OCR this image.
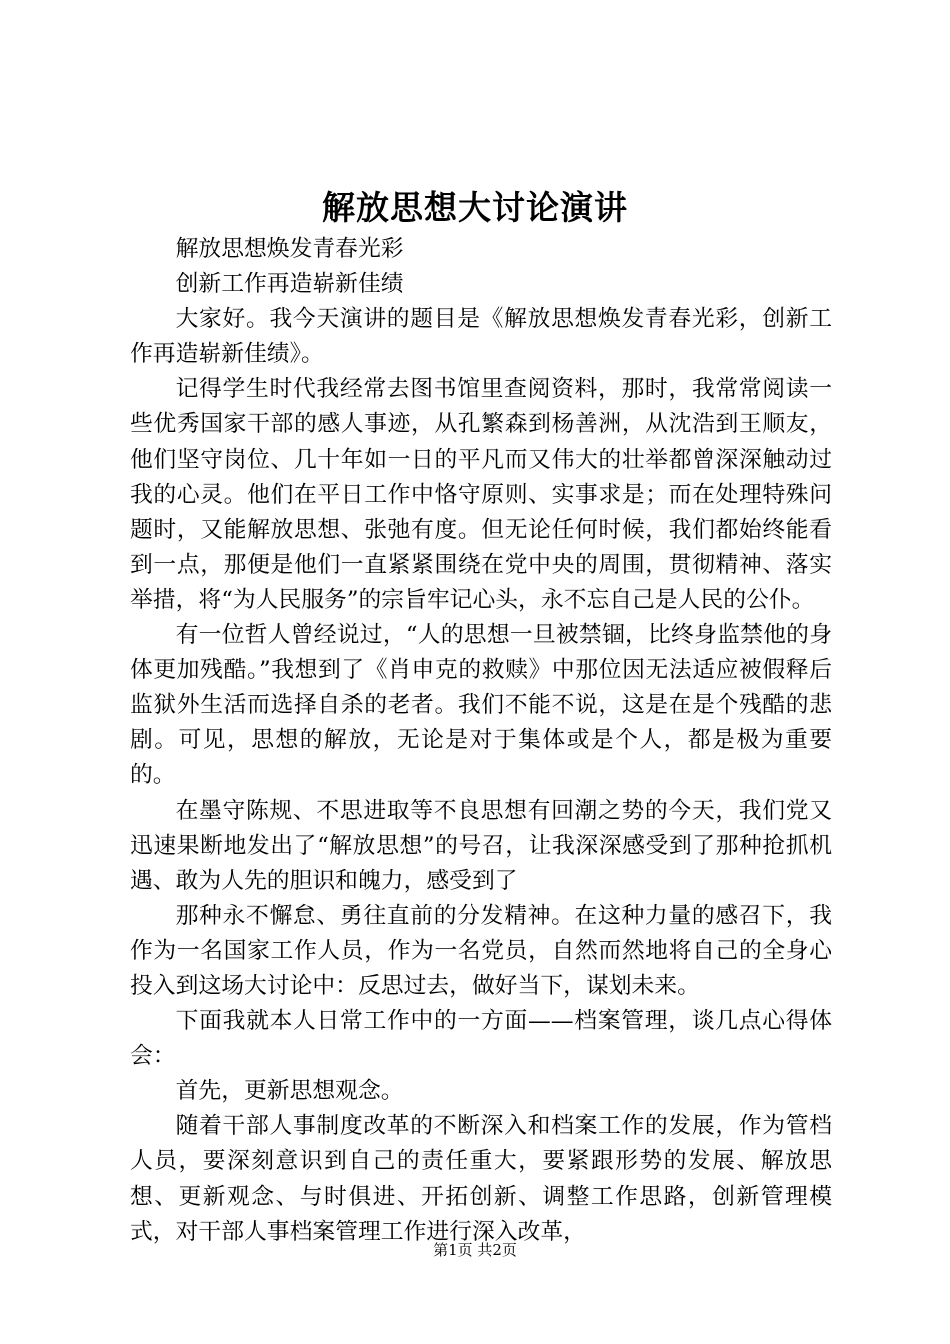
解放思想大讨论演讲

解放思想焕发青春光彩

创新工作再造崭新佳绩

大家好。我今天演讲的题目是《解放思想焕发青春光彩，创新工作再造崭新佳绩》。

记得学生时代我经常去图书馆里查阅资料，那时，我常常阅读一些优秀国家干部的感人事迹，从孔繁森到杨善洲，从沈浩到王顺友，他们坚守岗位、几十年如一日的平凡而又伟大的壮举都曾深深触动过我的心灵。他们在平日工作中恪守原则、实事求是；而在处理特殊问题时，又能解放思想、张弛有度。但无论任何时候，我们都始终能看到一点，那便是他们一直紧紧围绕在党中央的周围，贯彻精神、落实举措，将“为人民服务”的宗旨牢记心头，永不忘自己是人民的公仆。

有一位哲人曾经说过，“人的思想一旦被禁锢，比终身监禁他的身体更加残酷。”我想到了《肖申克的救赎》中那位因无法适应被假释后监狱外生活而选择自杀的老者。我们不能不说，这是在是个残酷的悲剧。可见，思想的解放，无论是对于集体或是个人，都是极为重要的。

在墨守陈规、不思进取等不良思想有回潮之势的今天，我们党又迅速果断地发出了“解放思想”的号召，让我深深感受到了那种抢抓机遇、敢为人先的胆识和魄力，感受到了

那种永不懈怠、勇往直前的分发精神。在这种力量的感召下，我作为一名国家工作人员，作为一名党员，自然而然地将自己的全身心投入到这场大讨论中：反思过去，做好当下，谋划未来。

下面我就本人日常工作中的一方面——档案管理，谈几点心得体会：

首先，更新思想观念。

随着干部人事制度改革的不断深入和档案工作的发展，作为管档人员，要深刻意识到自己的责任重大，要紧跟形势的发展、解放思想、更新观念、与时俱进、开拓创新、调整工作思路，创新管理模式，对干部人事档案管理工作进行深入改革，

第1页 共2页
